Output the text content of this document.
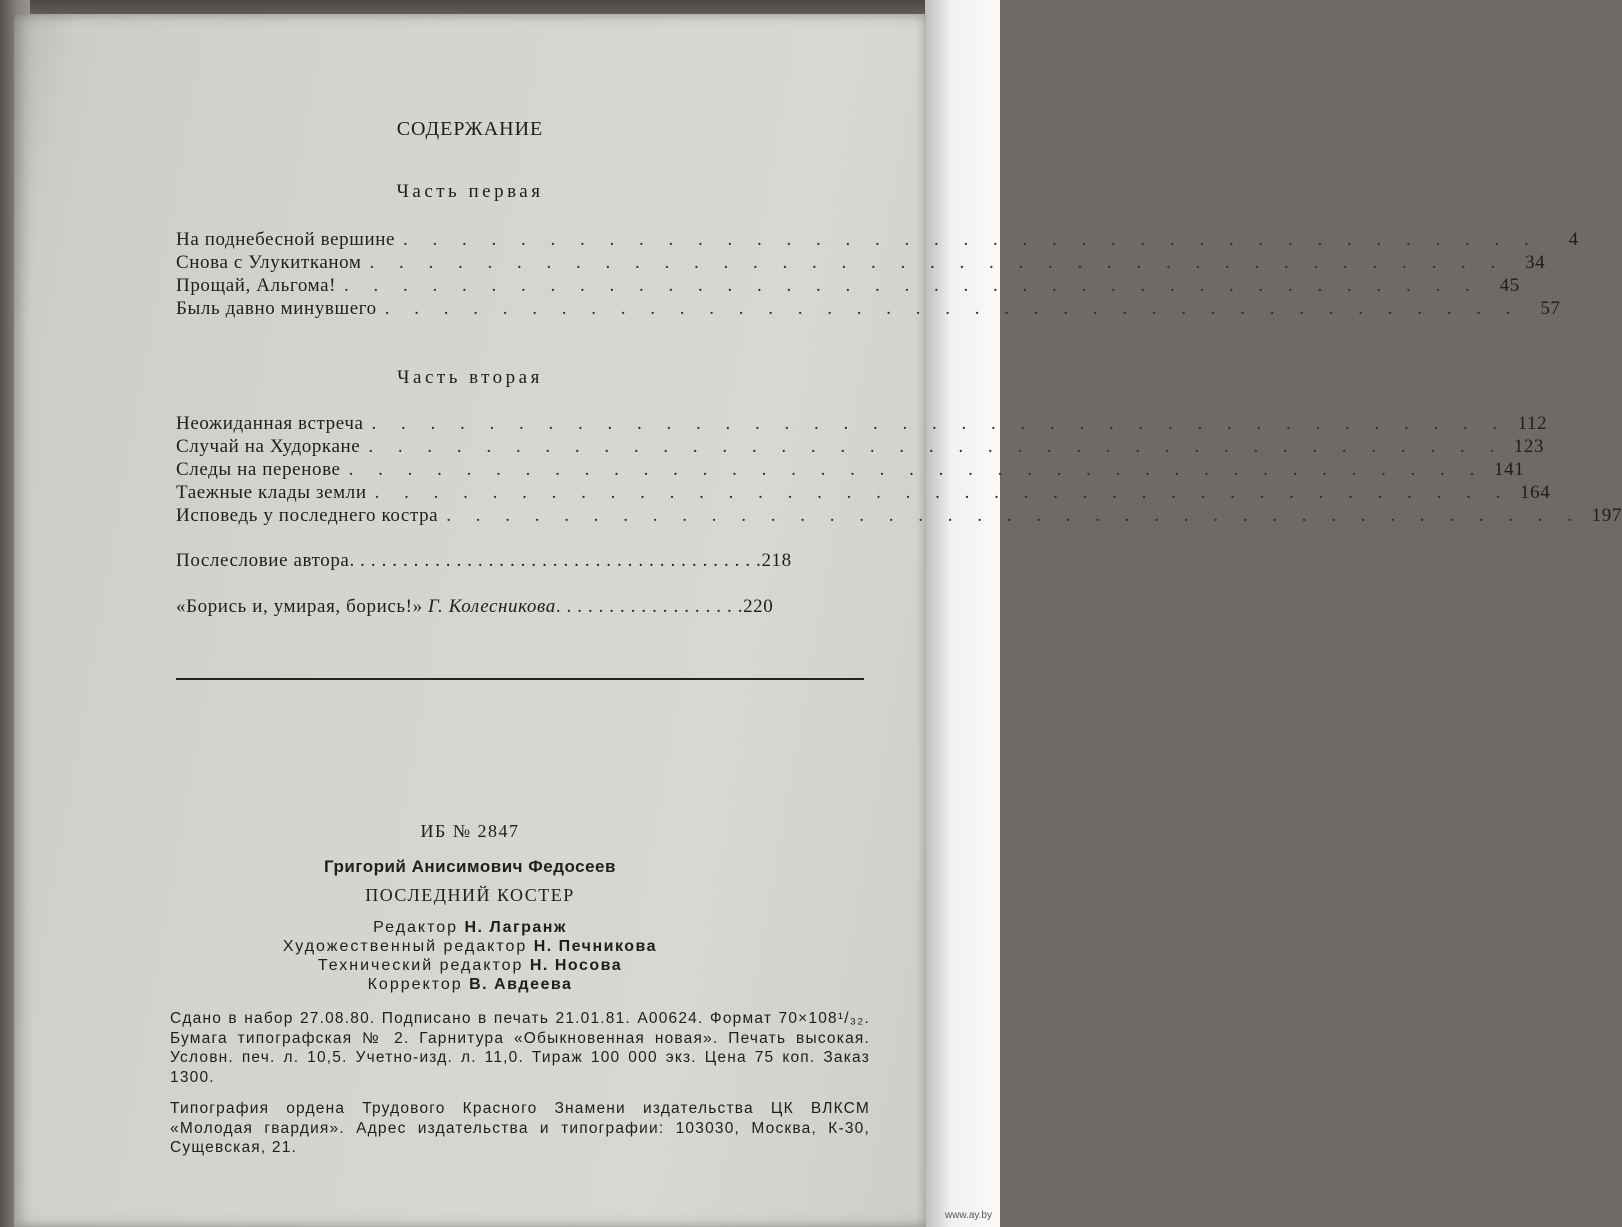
СОДЕРЖАНИЕ
Часть первая
На поднебесной вершине . . . . . . . . . . . . . . . . . . . . . . . . . . . . . . . . . . . . . . .	4
Снова с Улукитканом . . . . . . . . . . . . . . . . . . . . . . . . . . . . . . . . . . . . . . .	34
Прощай, Альгома! . . . . . . . . . . . . . . . . . . . . . . . . . . . . . . . . . . . . . . .	45
Быль давно минувшего . . . . . . . . . . . . . . . . . . . . . . . . . . . . . . . . . . . . . . .	57
Часть вторая
Неожиданная встреча . . . . . . . . . . . . . . . . . . . . . . . . . . . . . . . . . . . . . . . 112
Случай на Худоркане . . . . . . . . . . . . . . . . . . . . . . . . . . . . . . . . . . . . . . . 123
Следы на перенове . . . . . . . . . . . . . . . . . . . . . . . . . . . . . . . . . . . . . . . 141
Таежные клады земли . . . . . . . . . . . . . . . . . . . . . . . . . . . . . . . . . . . . . . . 164
Исповедь у последнего костра . . . . . . . . . . . . . . . . . . . . . . . . . . . . . . . . . . . . . . . 197
Послесловие автора . . . . . . . . . . . . . . . . . . . . . . . . . . . . . . . . . . . . . . . 218
«Борись и, умирая, борись!» Г. Колесникова . . . . . . . . . . . . . . . . . . 220
ИБ № 2847
Григорий Анисимович Федосеев
ПОСЛЕДНИЙ КОСТЕР
Редактор Н. Лагранж
Художественный редактор Н. Печникова
Технический редактор Н. Носова
Корректор В. Авдеева

Сдано в набор 27.08.80. Подписано в печать 21.01.81. А00624. Формат 70×108¹/₃₂. Бумага типографская № 2. Гарнитура «Обыкновенная новая». Печать высокая. Условн. печ. л. 10,5. Учетно-изд. л. 11,0. Тираж 100 000 экз. Цена 75 коп. Заказ 1300.

Типография ордена Трудового Красного Знамени издательства ЦК ВЛКСМ «Молодая гвардия». Адрес издательства и типографии: 103030, Москва, К-30, Сущевская, 21.

www.ay.by
